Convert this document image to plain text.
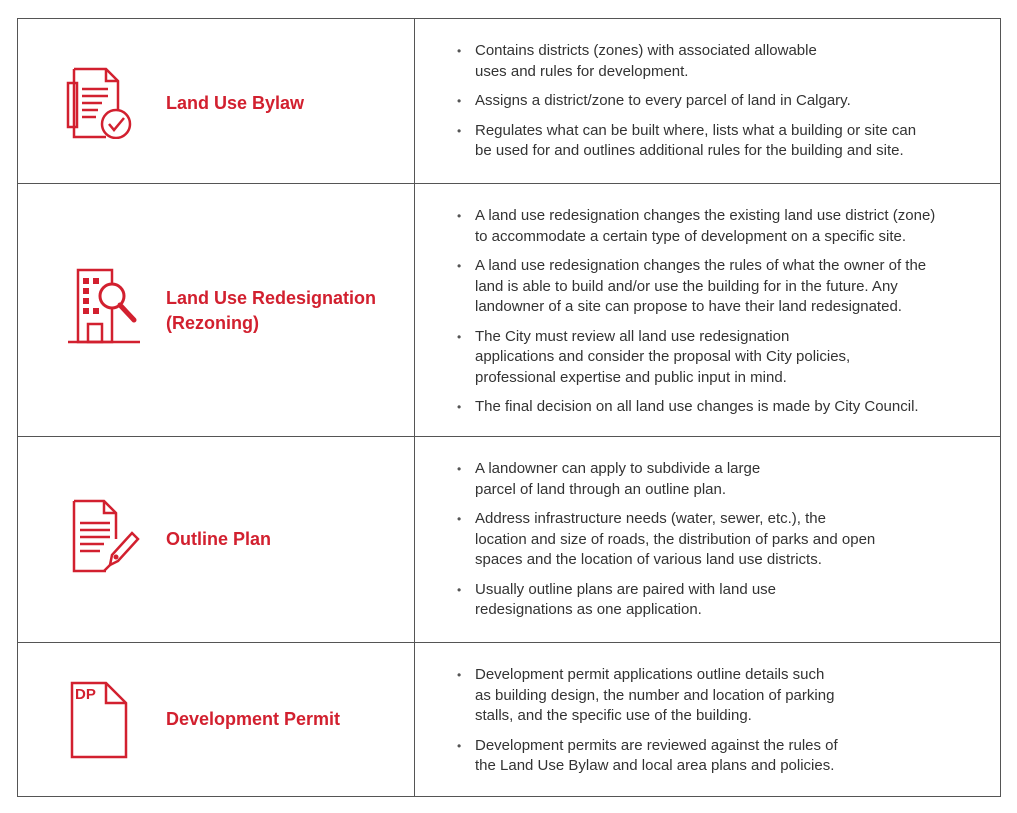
Land Use Bylaw
• Contains districts (zones) with associated allowable
uses and rules for development.
• Assigns a district/zone to every parcel of land in Calgary.
• Regulates what can be built where, lists what a building or site can
be used for and outlines additional rules for the building and site.
Land Use Redesignation
(Rezoning)
• A land use redesignation changes the existing land use district (zone)
to accommodate a certain type of development on a specific site.
• A land use redesignation changes the rules of what the owner of the
land is able to build and/or use the building for in the future. Any
landowner of a site can propose to have their land redesignated.
• The City must review all land use redesignation
applications and consider the proposal with City policies,
professional expertise and public input in mind.
• The final decision on all land use changes is made by City Council.
Outline Plan
• A landowner can apply to subdivide a large
parcel of land through an outline plan.
• Address infrastructure needs (water, sewer, etc.), the
location and size of roads, the distribution of parks and open
spaces and the location of various land use districts.
• Usually outline plans are paired with land use
redesignations as one application.
DP
Development Permit
• Development permit applications outline details such
as building design, the number and location of parking
stalls, and the specific use of the building.
• Development permits are reviewed against the rules of
the Land Use Bylaw and local area plans and policies.
